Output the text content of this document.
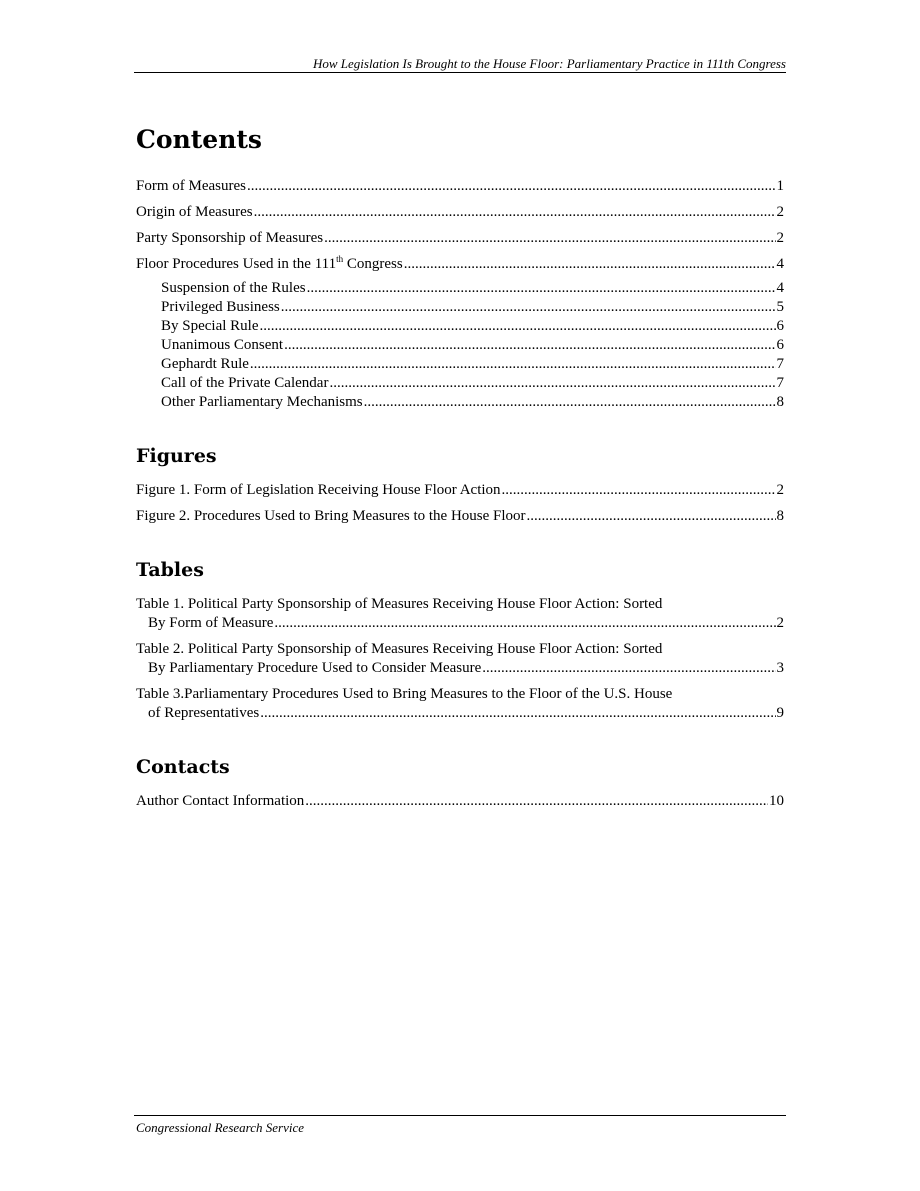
How Legislation Is Brought to the House Floor: Parliamentary Practice in 111th Congress
Contents
Form of Measures .....	1
Origin of Measures .....	2
Party Sponsorship of Measures .....	2
Floor Procedures Used in the 111th Congress .....	4
Suspension of the Rules .....	4
Privileged Business .....	5
By Special Rule .....	6
Unanimous Consent .....	6
Gephardt Rule .....	7
Call of the Private Calendar .....	7
Other Parliamentary Mechanisms .....	8
Figures
Figure 1. Form of Legislation Receiving House Floor Action .....	2
Figure 2. Procedures Used to Bring Measures to the House Floor .....	8
Tables
Table 1. Political Party Sponsorship of Measures Receiving House Floor Action: Sorted
By Form of Measure .....	2
Table 2. Political Party Sponsorship of Measures Receiving House Floor Action: Sorted
By Parliamentary Procedure Used to Consider Measure .....	3
Table 3.Parliamentary Procedures Used to Bring Measures to the Floor of the U.S. House
of Representatives .....	9
Contacts
Author Contact Information .....	10
Congressional Research Service
